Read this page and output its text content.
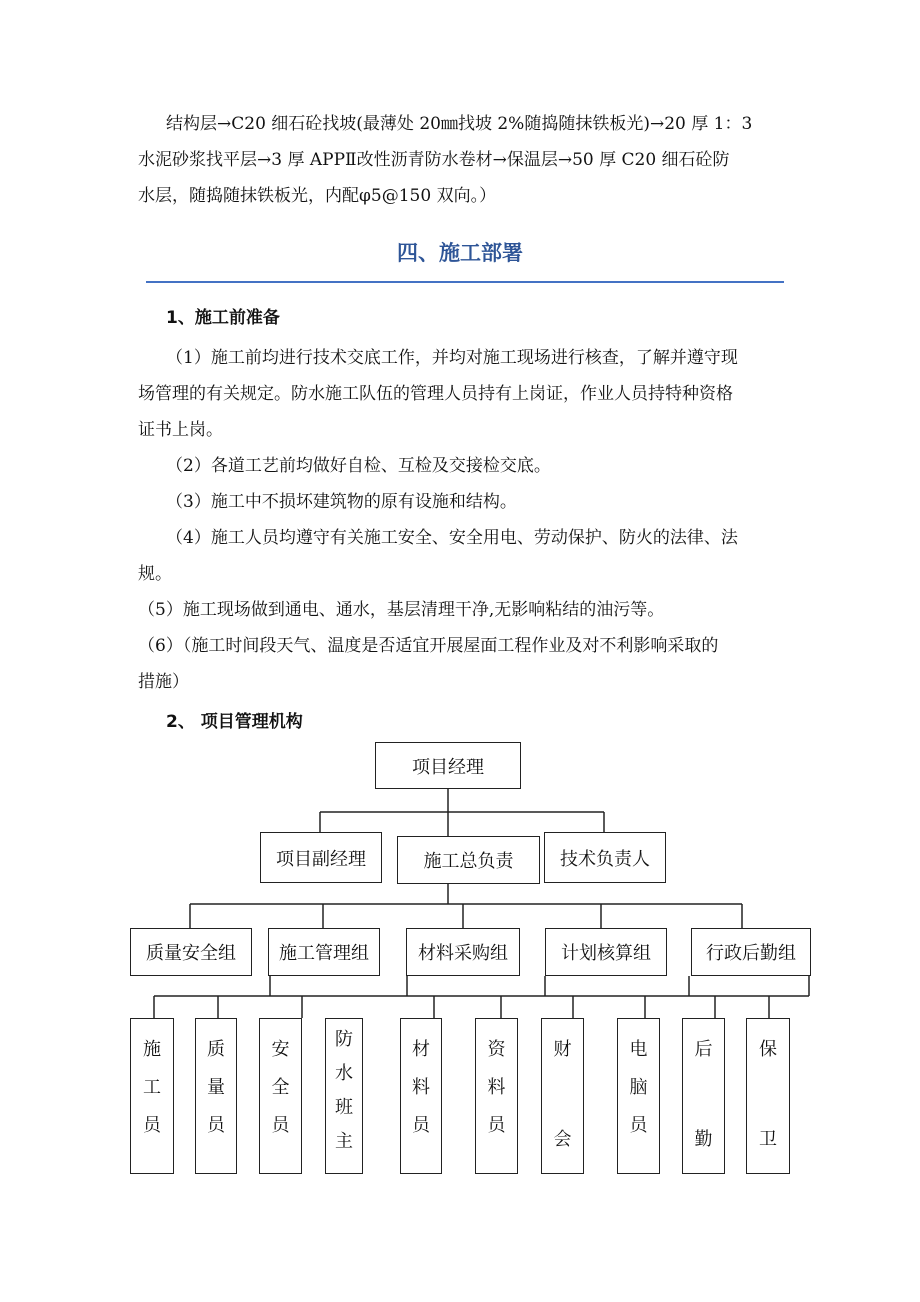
结构层→C20 细石砼找坡(最薄处 20㎜找坡 2%随捣随抹铁板光)→20 厚 1：3
水泥砂浆找平层→3 厚 APPⅡ改性沥青防水卷材→保温层→50 厚 C20 细石砼防
水层，随捣随抹铁板光，内配φ5@150 双向。）
四、施工部署
1、施工前准备
（1）施工前均进行技术交底工作，并均对施工现场进行核查，了解并遵守现
场管理的有关规定。防水施工队伍的管理人员持有上岗证，作业人员持特种资格
证书上岗。
（2）各道工艺前均做好自检、互检及交接检交底。
（3）施工中不损坏建筑物的原有设施和结构。
（4）施工人员均遵守有关施工安全、安全用电、劳动保护、防火的法律、法
规。
（5）施工现场做到通电、通水，基层清理干净,无影响粘结的油污等。
（6）（施工时间段天气、温度是否适宜开展屋面工程作业及对不利影响采取的
措施）
2、 项目管理机构
项目经理
项目副经理	施工总负责	技术负责人
质量安全组	施工管理组	材料采购组	计划核算组	行政后勤组
施
工
员
质
量
员
安
全
员
防
水
班
主
材
料
员
资
料
员
财
会
电
脑
员
后
勤
保
卫
